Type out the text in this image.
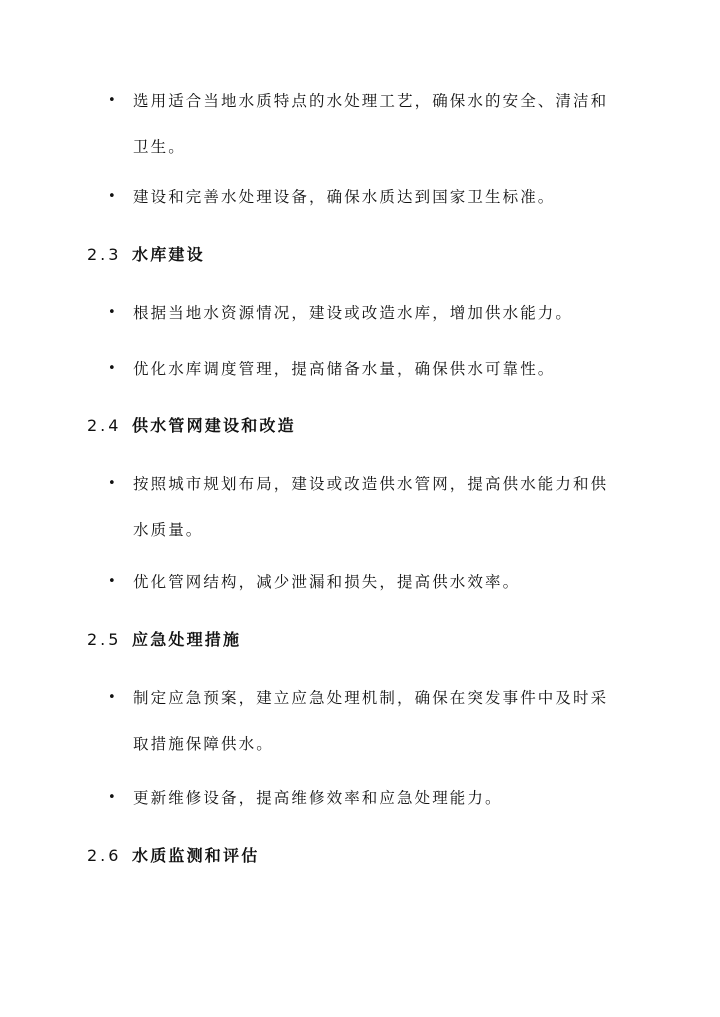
• 选用适合当地水质特点的水处理工艺，确保水的安全、清洁和卫生。
• 建设和完善水处理设备，确保水质达到国家卫生标准。
2.3 水库建设
• 根据当地水资源情况，建设或改造水库，增加供水能力。
• 优化水库调度管理，提高储备水量，确保供水可靠性。
2.4 供水管网建设和改造
• 按照城市规划布局，建设或改造供水管网，提高供水能力和供水质量。
• 优化管网结构，减少泄漏和损失，提高供水效率。
2.5 应急处理措施
• 制定应急预案，建立应急处理机制，确保在突发事件中及时采取措施保障供水。
• 更新维修设备，提高维修效率和应急处理能力。
2.6 水质监测和评估
